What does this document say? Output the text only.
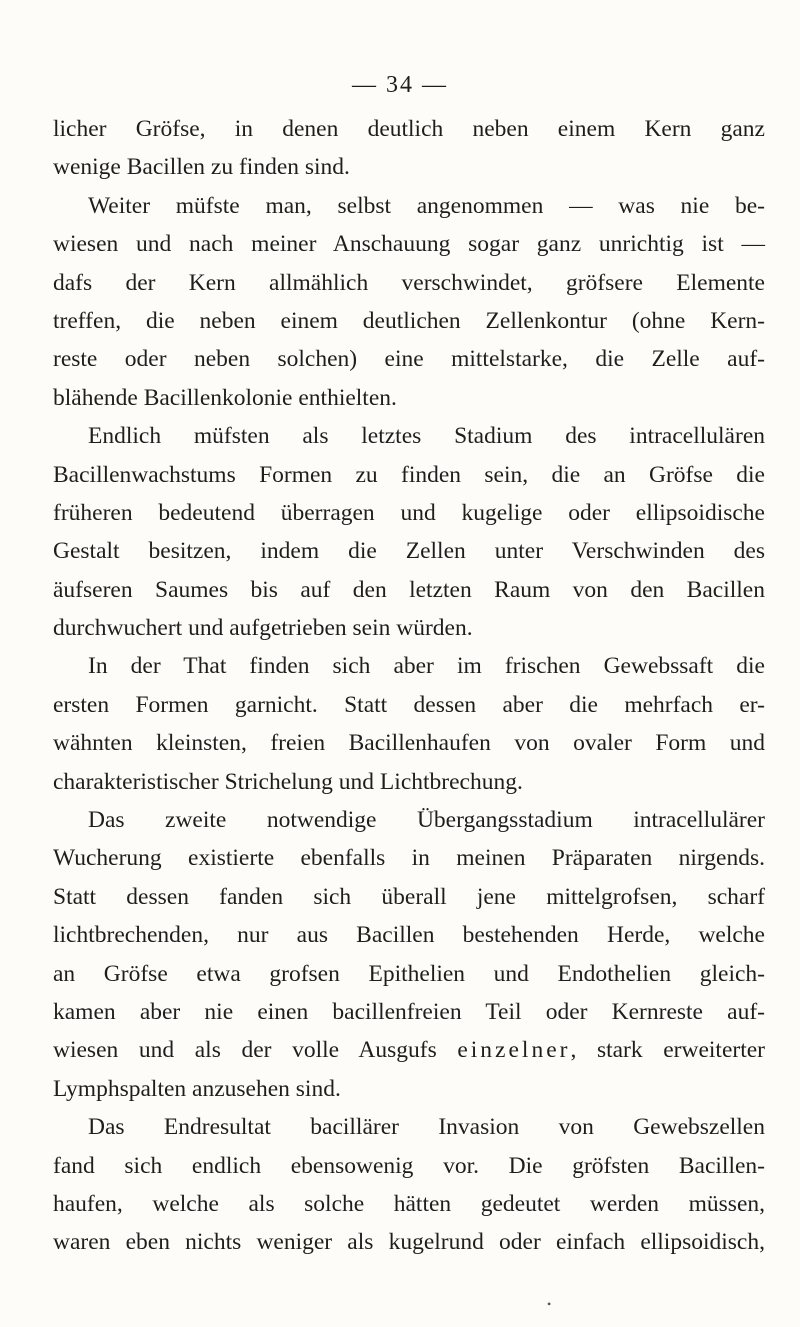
— 34 —
licher Gröfse, in denen deutlich neben einem Kern ganz
wenige Bacillen zu finden sind.
Weiter müfste man, selbst angenommen — was nie be-
wiesen und nach meiner Anschauung sogar ganz unrichtig ist —
dafs der Kern allmählich verschwindet, gröfsere Elemente
treffen, die neben einem deutlichen Zellenkontur (ohne Kern-
reste oder neben solchen) eine mittelstarke, die Zelle auf-
blähende Bacillenkolonie enthielten.
Endlich müfsten als letztes Stadium des intracellulären
Bacillenwachstums Formen zu finden sein, die an Gröfse die
früheren bedeutend überragen und kugelige oder ellipsoidische
Gestalt besitzen, indem die Zellen unter Verschwinden des
äufseren Saumes bis auf den letzten Raum von den Bacillen
durchwuchert und aufgetrieben sein würden.
In der That finden sich aber im frischen Gewebssaft die
ersten Formen garnicht. Statt dessen aber die mehrfach er-
wähnten kleinsten, freien Bacillenhaufen von ovaler Form und
charakteristischer Strichelung und Lichtbrechung.
Das zweite notwendige Übergangsstadium intracellulärer
Wucherung existierte ebenfalls in meinen Präparaten nirgends.
Statt dessen fanden sich überall jene mittelgrofsen, scharf
lichtbrechenden, nur aus Bacillen bestehenden Herde, welche
an Gröfse etwa grofsen Epithelien und Endothelien gleich-
kamen aber nie einen bacillenfreien Teil oder Kernreste auf-
wiesen und als der volle Ausgufs einzelner, stark erweiterter
Lymphspalten anzusehen sind.
Das Endresultat bacillärer Invasion von Gewebszellen
fand sich endlich ebensowenig vor. Die gröfsten Bacillen-
haufen, welche als solche hätten gedeutet werden müssen,
waren eben nichts weniger als kugelrund oder einfach ellipsoidisch,
•
